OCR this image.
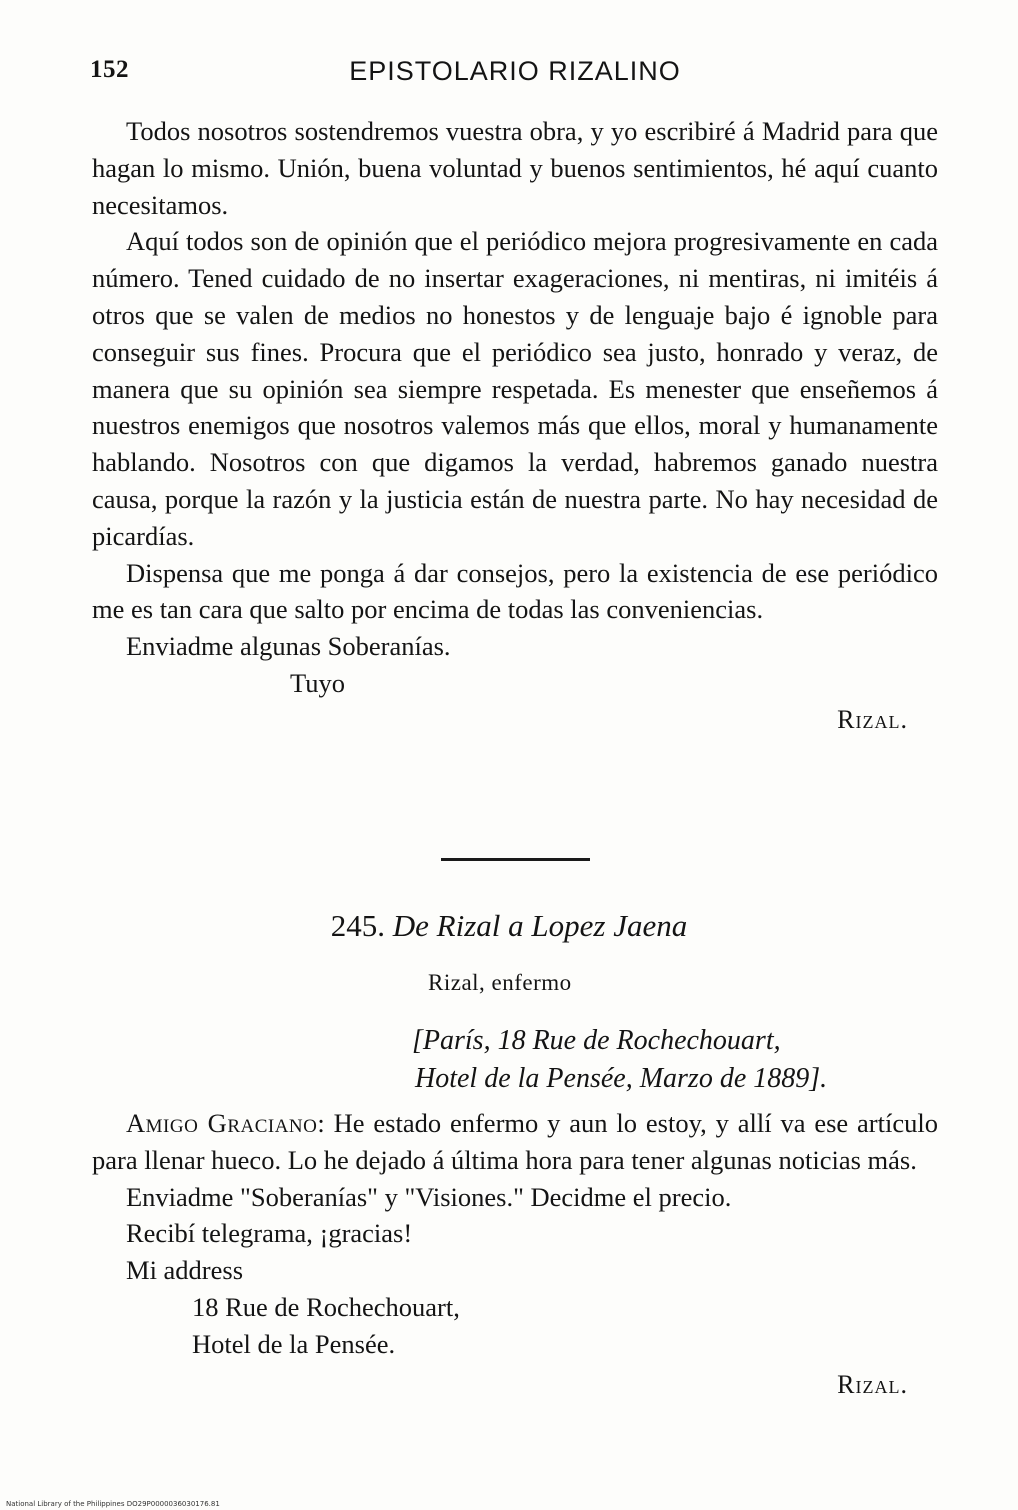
152	EPISTOLARIO RIZALINO

Todos nosotros sostendremos vuestra obra, y yo escribiré á Madrid para que hagan lo mismo. Unión, buena voluntad y buenos sentimientos, hé aquí cuanto necesitamos.

Aquí todos son de opinión que el periódico mejora progresivamente en cada número. Tened cuidado de no insertar exageraciones, ni mentiras, ni imitéis á otros que se valen de medios no honestos y de lenguaje bajo é ignoble para conseguir sus fines. Procura que el periódico sea justo, honrado y veraz, de manera que su opinión sea siempre respetada. Es menester que enseñemos á nuestros enemigos que nosotros valemos más que ellos, moral y humanamente hablando. Nosotros con que digamos la verdad, habremos ganado nuestra causa, porque la razón y la justicia están de nuestra parte. No hay necesidad de picardías.

Dispensa que me ponga á dar consejos, pero la existencia de ese periódico me es tan cara que salto por encima de todas las conveniencias.

Enviadme algunas Soberanías.

Tuyo

Rizal.

245. De Rizal a Lopez Jaena
Rizal, enfermo
[París, 18 Rue de Rochechouart,
Hotel de la Pensée, Marzo de 1889].

Amigo Graciano: He estado enfermo y aun lo estoy, y allí va ese artículo para llenar hueco. Lo he dejado á última hora para tener algunas noticias más.

Enviadme "Soberanías" y "Visiones." Decidme el precio.

Recibí telegrama, ¡gracias!

Mi address

18 Rue de Rochechouart,

Hotel de la Pensée.

Rizal.

National Library of the Philippines DO29P0000036030176.81
